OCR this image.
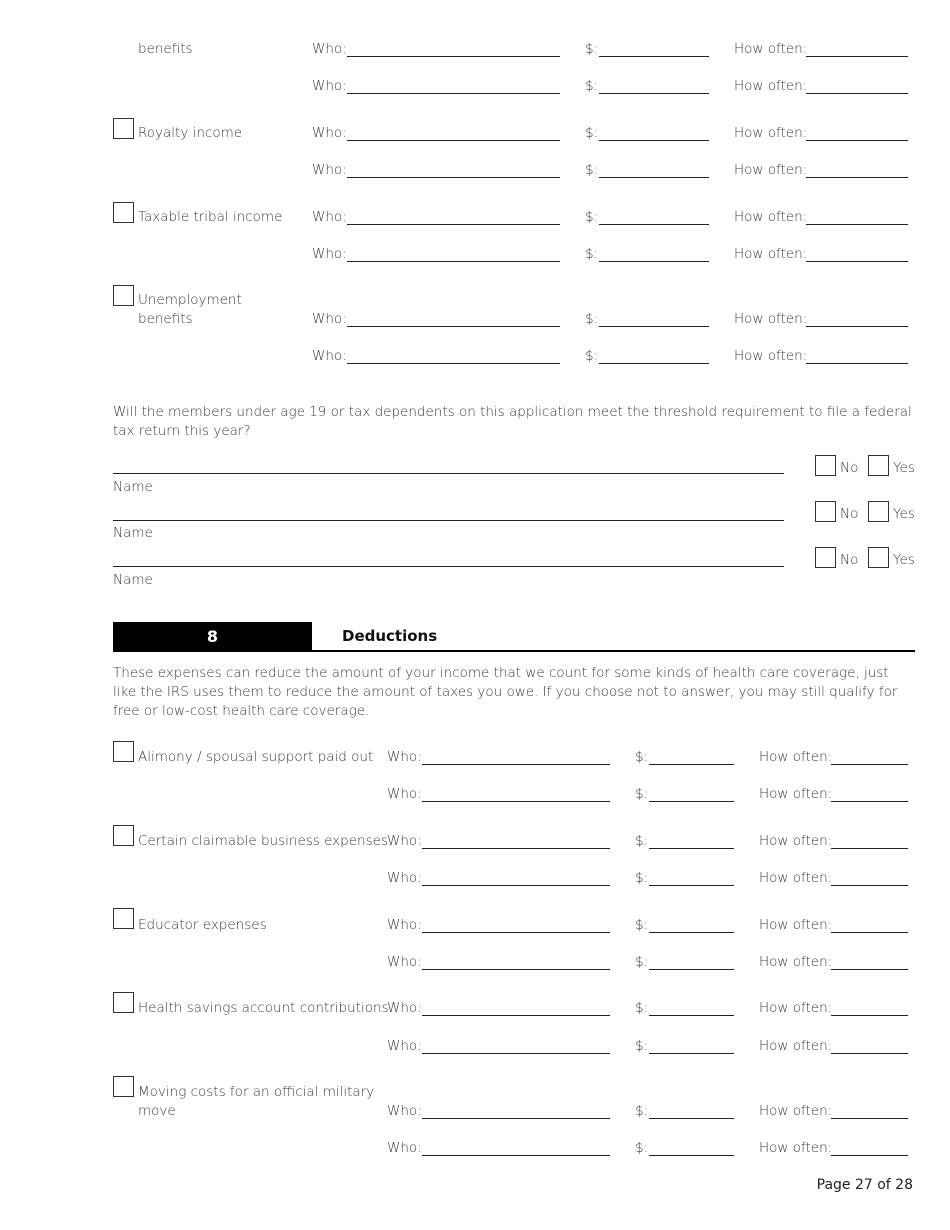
8	Deductions
Will the members under age 19 or tax dependents on this application meet the threshold requirement to file a federal tax return this year?
These expenses can reduce the amount of your income that we count for some kinds of health care coverage, just like the IRS uses them to reduce the amount of taxes you owe. If you choose not to answer, you may still qualify for free or low-cost health care coverage.
Page 27 of 28
benefits	Who:	$:	How often:
Who:	$:	How often:
Royalty income	Who:	$:	How often:
Who:	$:	How often:
Taxable tribal income Who:	$:	How often:
Who:	$:	How often:
Unemployment
benefits	Who:	$:	How often:
Who:	$:	How often:
Name
No	Yes
Name
No	Yes
Name
No	Yes
Alimony / spousal support paid out Who:	$:	How often:
Who:	$:	How often:
Certain claimable business expenses Who:	$:	How often:
Who:	$:	How often:
Educator expenses	Who:	$:	How often:
Who:	$:	How often:
Health savings account contributions
Who:	$:	How often:
Who:	$:	How often:
Moving costs for an official military
move	Who:	$:	How often:
Who:	$:	How often:
